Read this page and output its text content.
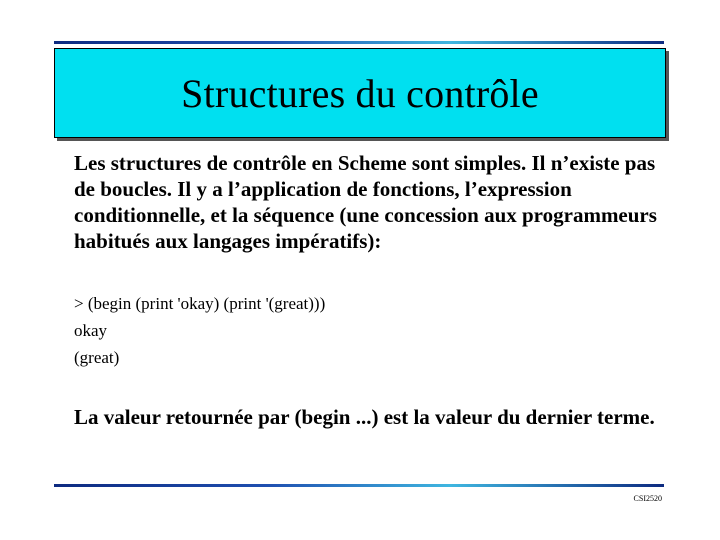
Structures du contrôle

Les structures de contrôle en Scheme sont simples. Il n’existe pas de boucles. Il y a l’application de fonctions, l’expression conditionnelle, et la séquence (une concession aux programmeurs habitués aux langages impératifs):

> (begin (print 'okay) (print '(great)))
okay
(great)

La valeur retournée par (begin ...) est la valeur du dernier terme.

CSI2520
